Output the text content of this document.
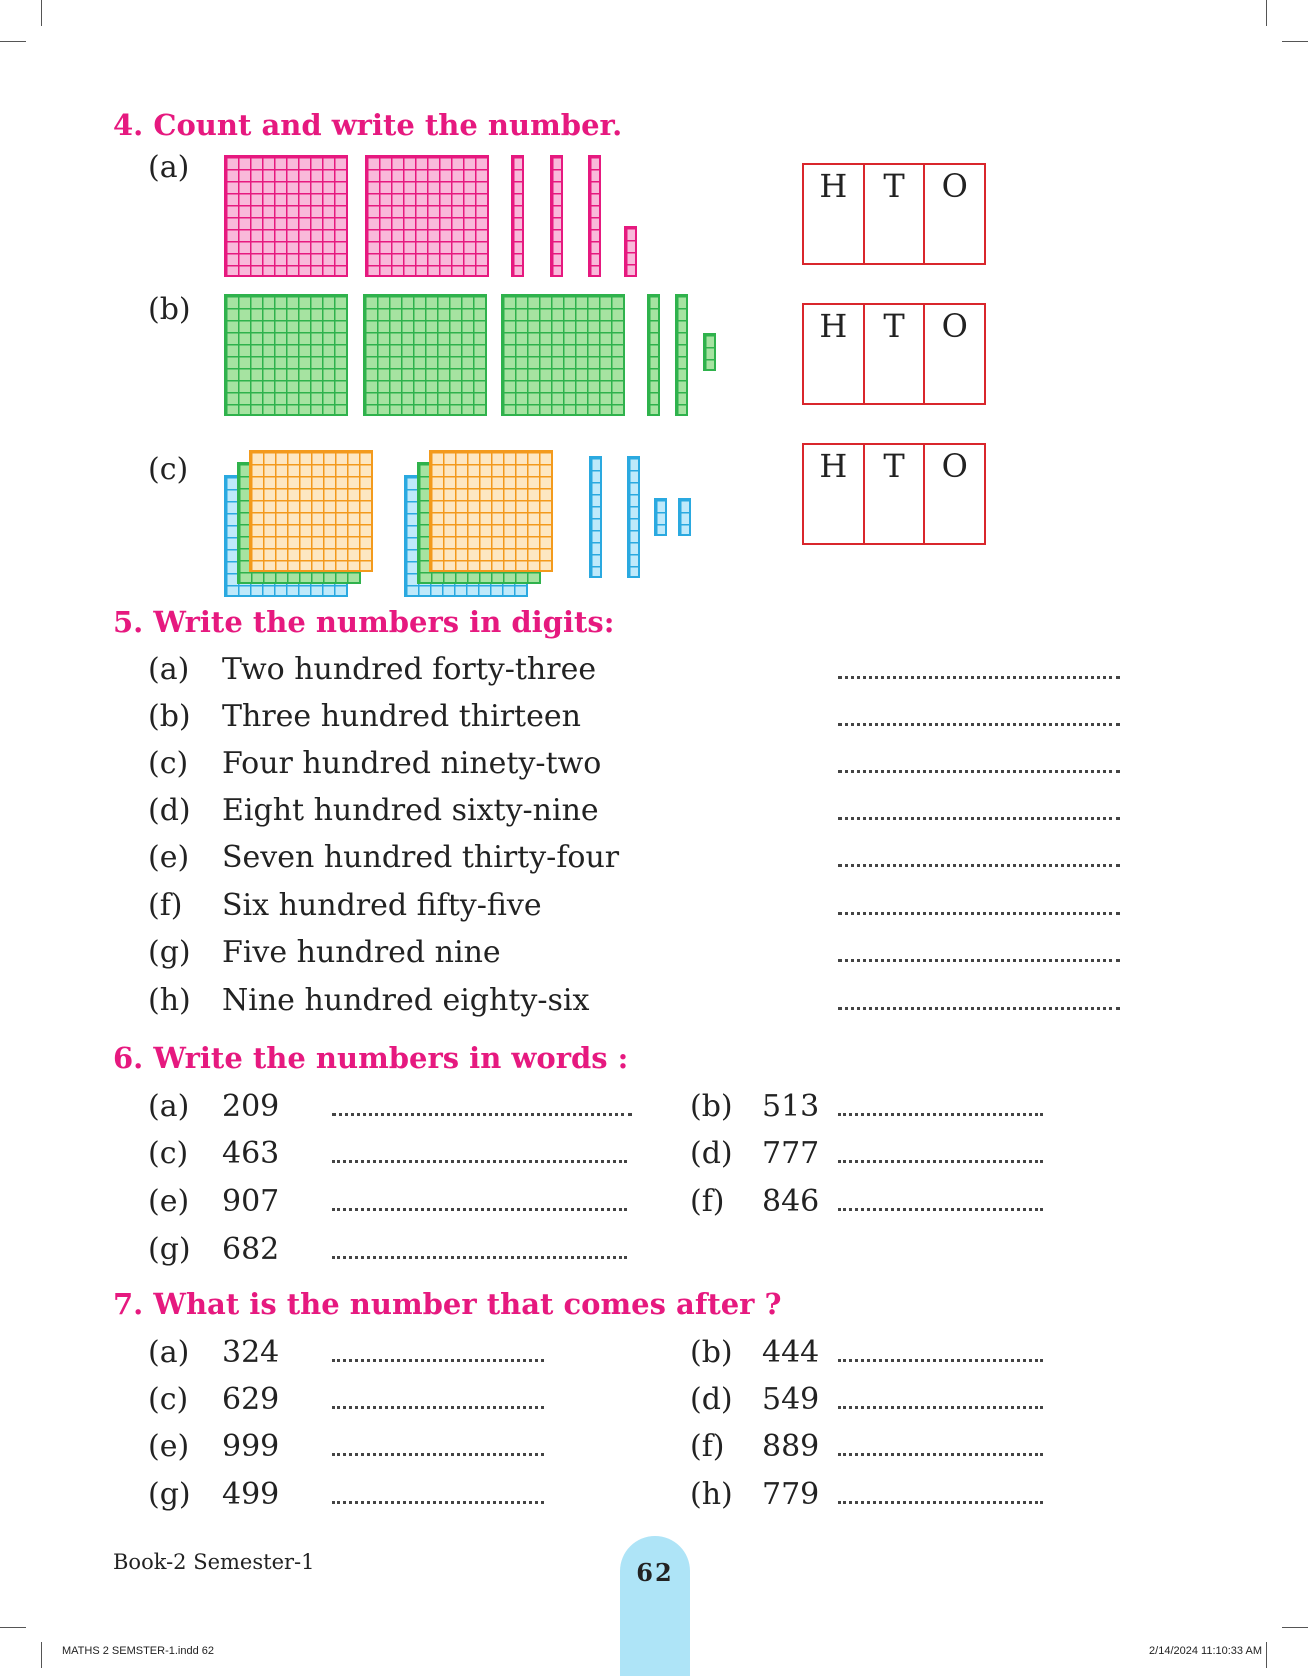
4. Count and write the number.
(a)
(b)
(c)
H	T	O
H	T	O
H	T	O
5. Write the numbers in digits:
(a) Two hundred forty-three
(b) Three hundred thirteen
(c) Four hundred ninety-two
(d) Eight hundred sixty-nine
(e) Seven hundred thirty-four
(f) Six hundred fifty-five
(g) Five hundred nine
(h) Nine hundred eighty-six
6. Write the numbers in words :
(a) 209	(b) 513
(c) 463	(d) 777
(e) 907	(f) 846
(g) 682
7. What is the number that comes after ?
(a) 324	(b) 444
(c) 629	(d) 549
(e) 999	(f) 889
(g) 499	(h) 779
Book-2 Semester-1	62
MATHS 2 SEMSTER-1.indd 62	2/14/2024 11:10:33 AM
